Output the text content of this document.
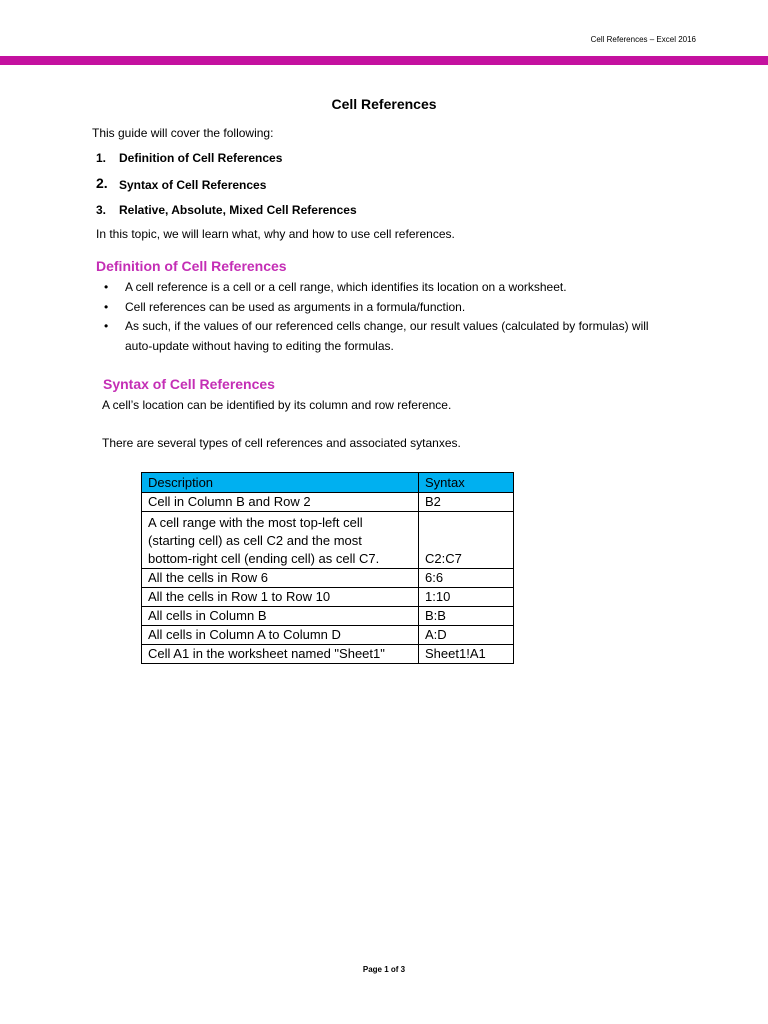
Cell References – Excel 2016
Cell References
This guide will cover the following:
1. Definition of Cell References
2. Syntax of Cell References
3. Relative, Absolute, Mixed Cell References
In this topic, we will learn what, why and how to use cell references.
Definition of Cell References
• A cell reference is a cell or a cell range, which identifies its location on a worksheet.
• Cell references can be used as arguments in a formula/function.
• As such, if the values of our referenced cells change, our result values (calculated by formulas) will
auto-update without having to editing the formulas.
Syntax of Cell References
A cell’s location can be identified by its column and row reference.
There are several types of cell references and associated sytanxes.
Description	Syntax
Cell in Column B and Row 2	B2

A cell range with the most top-left cell
(starting cell) as cell C2 and the most
bottom-right cell (ending cell) as cell C7.	C2:C7
All the cells in Row 6	6:6
All the cells in Row 1 to Row 10	1:10
All cells in Column B	B:B
All cells in Column A to Column D	A:D
Cell A1 in the worksheet named "Sheet1"	Sheet1!A1
Page 1 of 3
